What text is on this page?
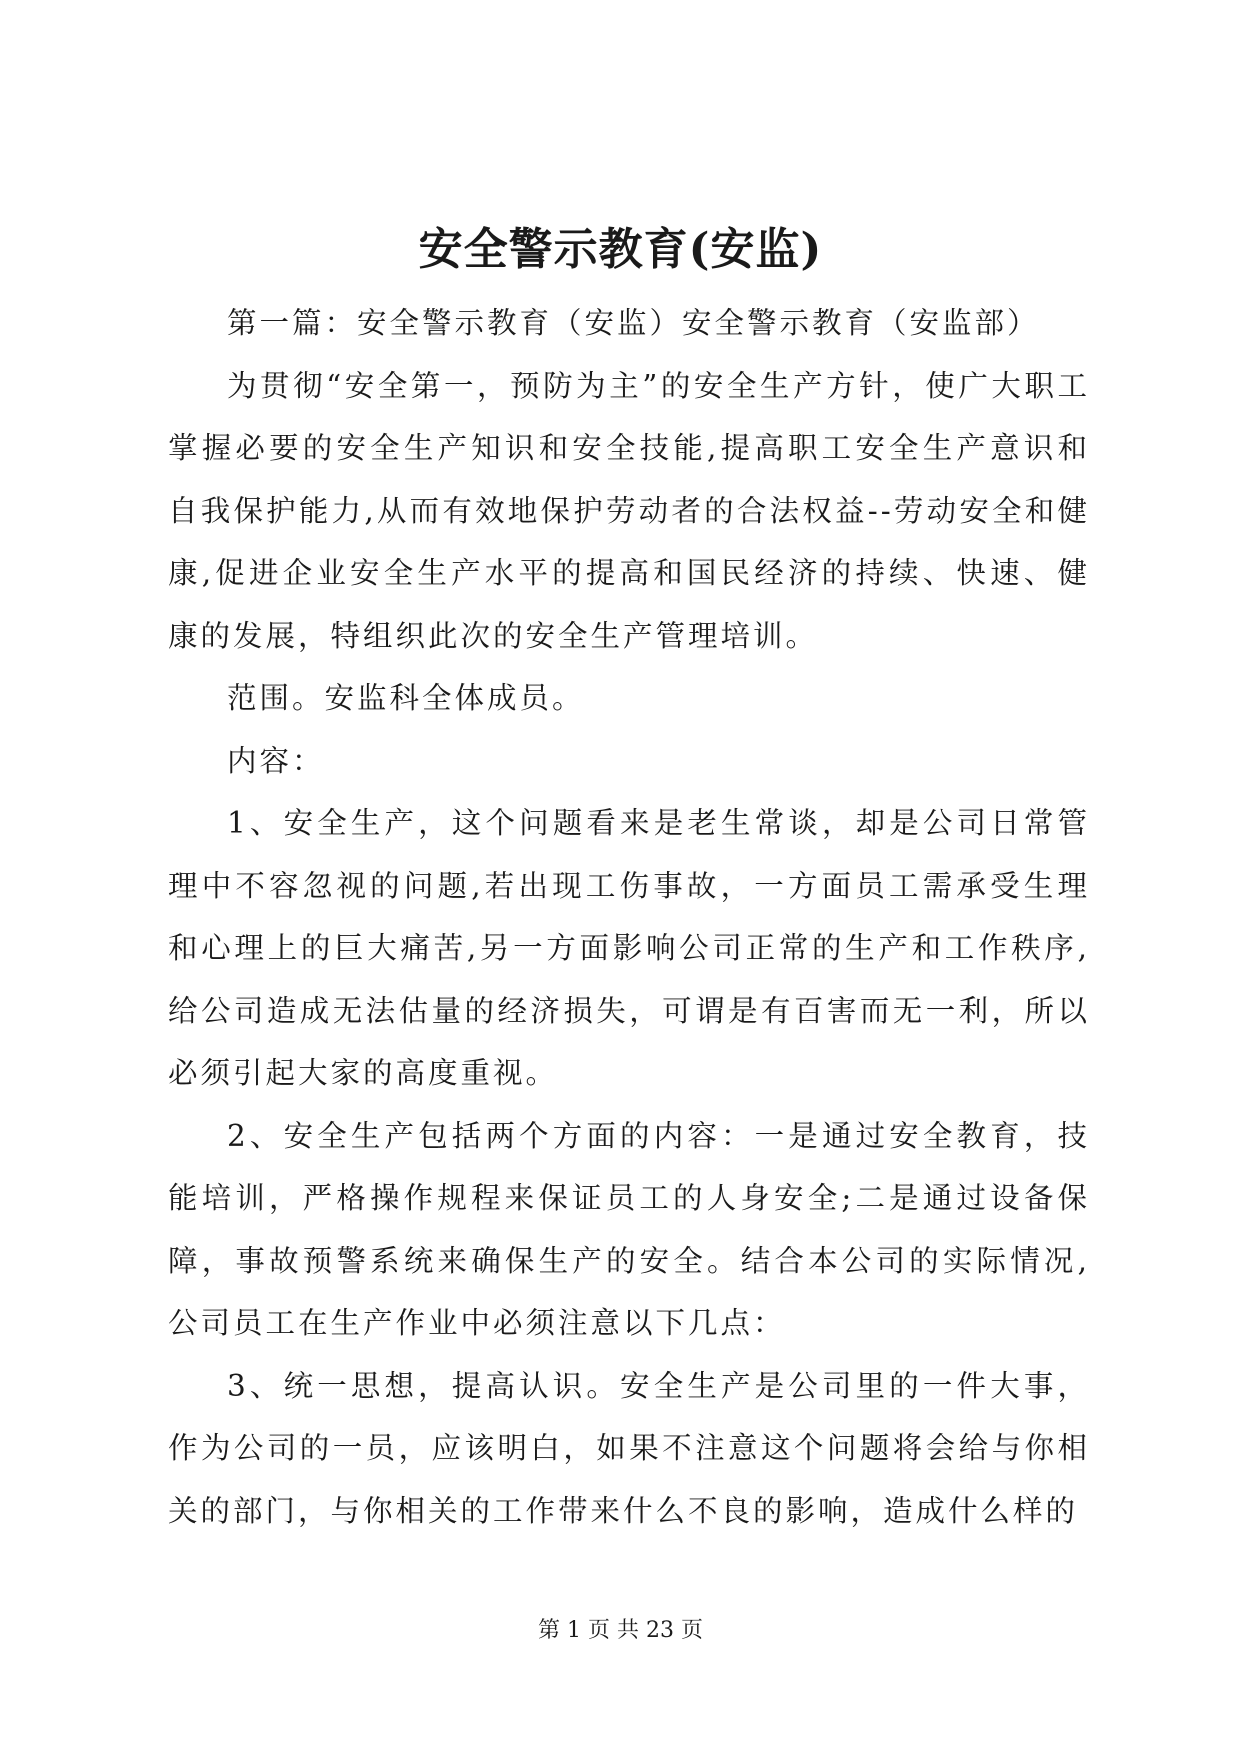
安全警示教育(安监)

第一篇：安全警示教育（安监）安全警示教育（安监部）

为贯彻“安全第一，预防为主”的安全生产方针，使广大职工掌握必要的安全生产知识和安全技能,提高职工安全生产意识和自我保护能力,从而有效地保护劳动者的合法权益--劳动安全和健康,促进企业安全生产水平的提高和国民经济的持续、快速、健康的发展，特组织此次的安全生产管理培训。

范围。安监科全体成员。

内容：

1、安全生产，这个问题看来是老生常谈，却是公司日常管理中不容忽视的问题,若出现工伤事故，一方面员工需承受生理和心理上的巨大痛苦,另一方面影响公司正常的生产和工作秩序,给公司造成无法估量的经济损失，可谓是有百害而无一利，所以必须引起大家的高度重视。

2、安全生产包括两个方面的内容：一是通过安全教育，技能培训，严格操作规程来保证员工的人身安全;二是通过设备保障，事故预警系统来确保生产的安全。结合本公司的实际情况,公司员工在生产作业中必须注意以下几点：

3、统一思想，提高认识。安全生产是公司里的一件大事，作为公司的一员，应该明白，如果不注意这个问题将会给与你相关的部门，与你相关的工作带来什么不良的影响，造成什么样的

第 1 页 共 23 页
